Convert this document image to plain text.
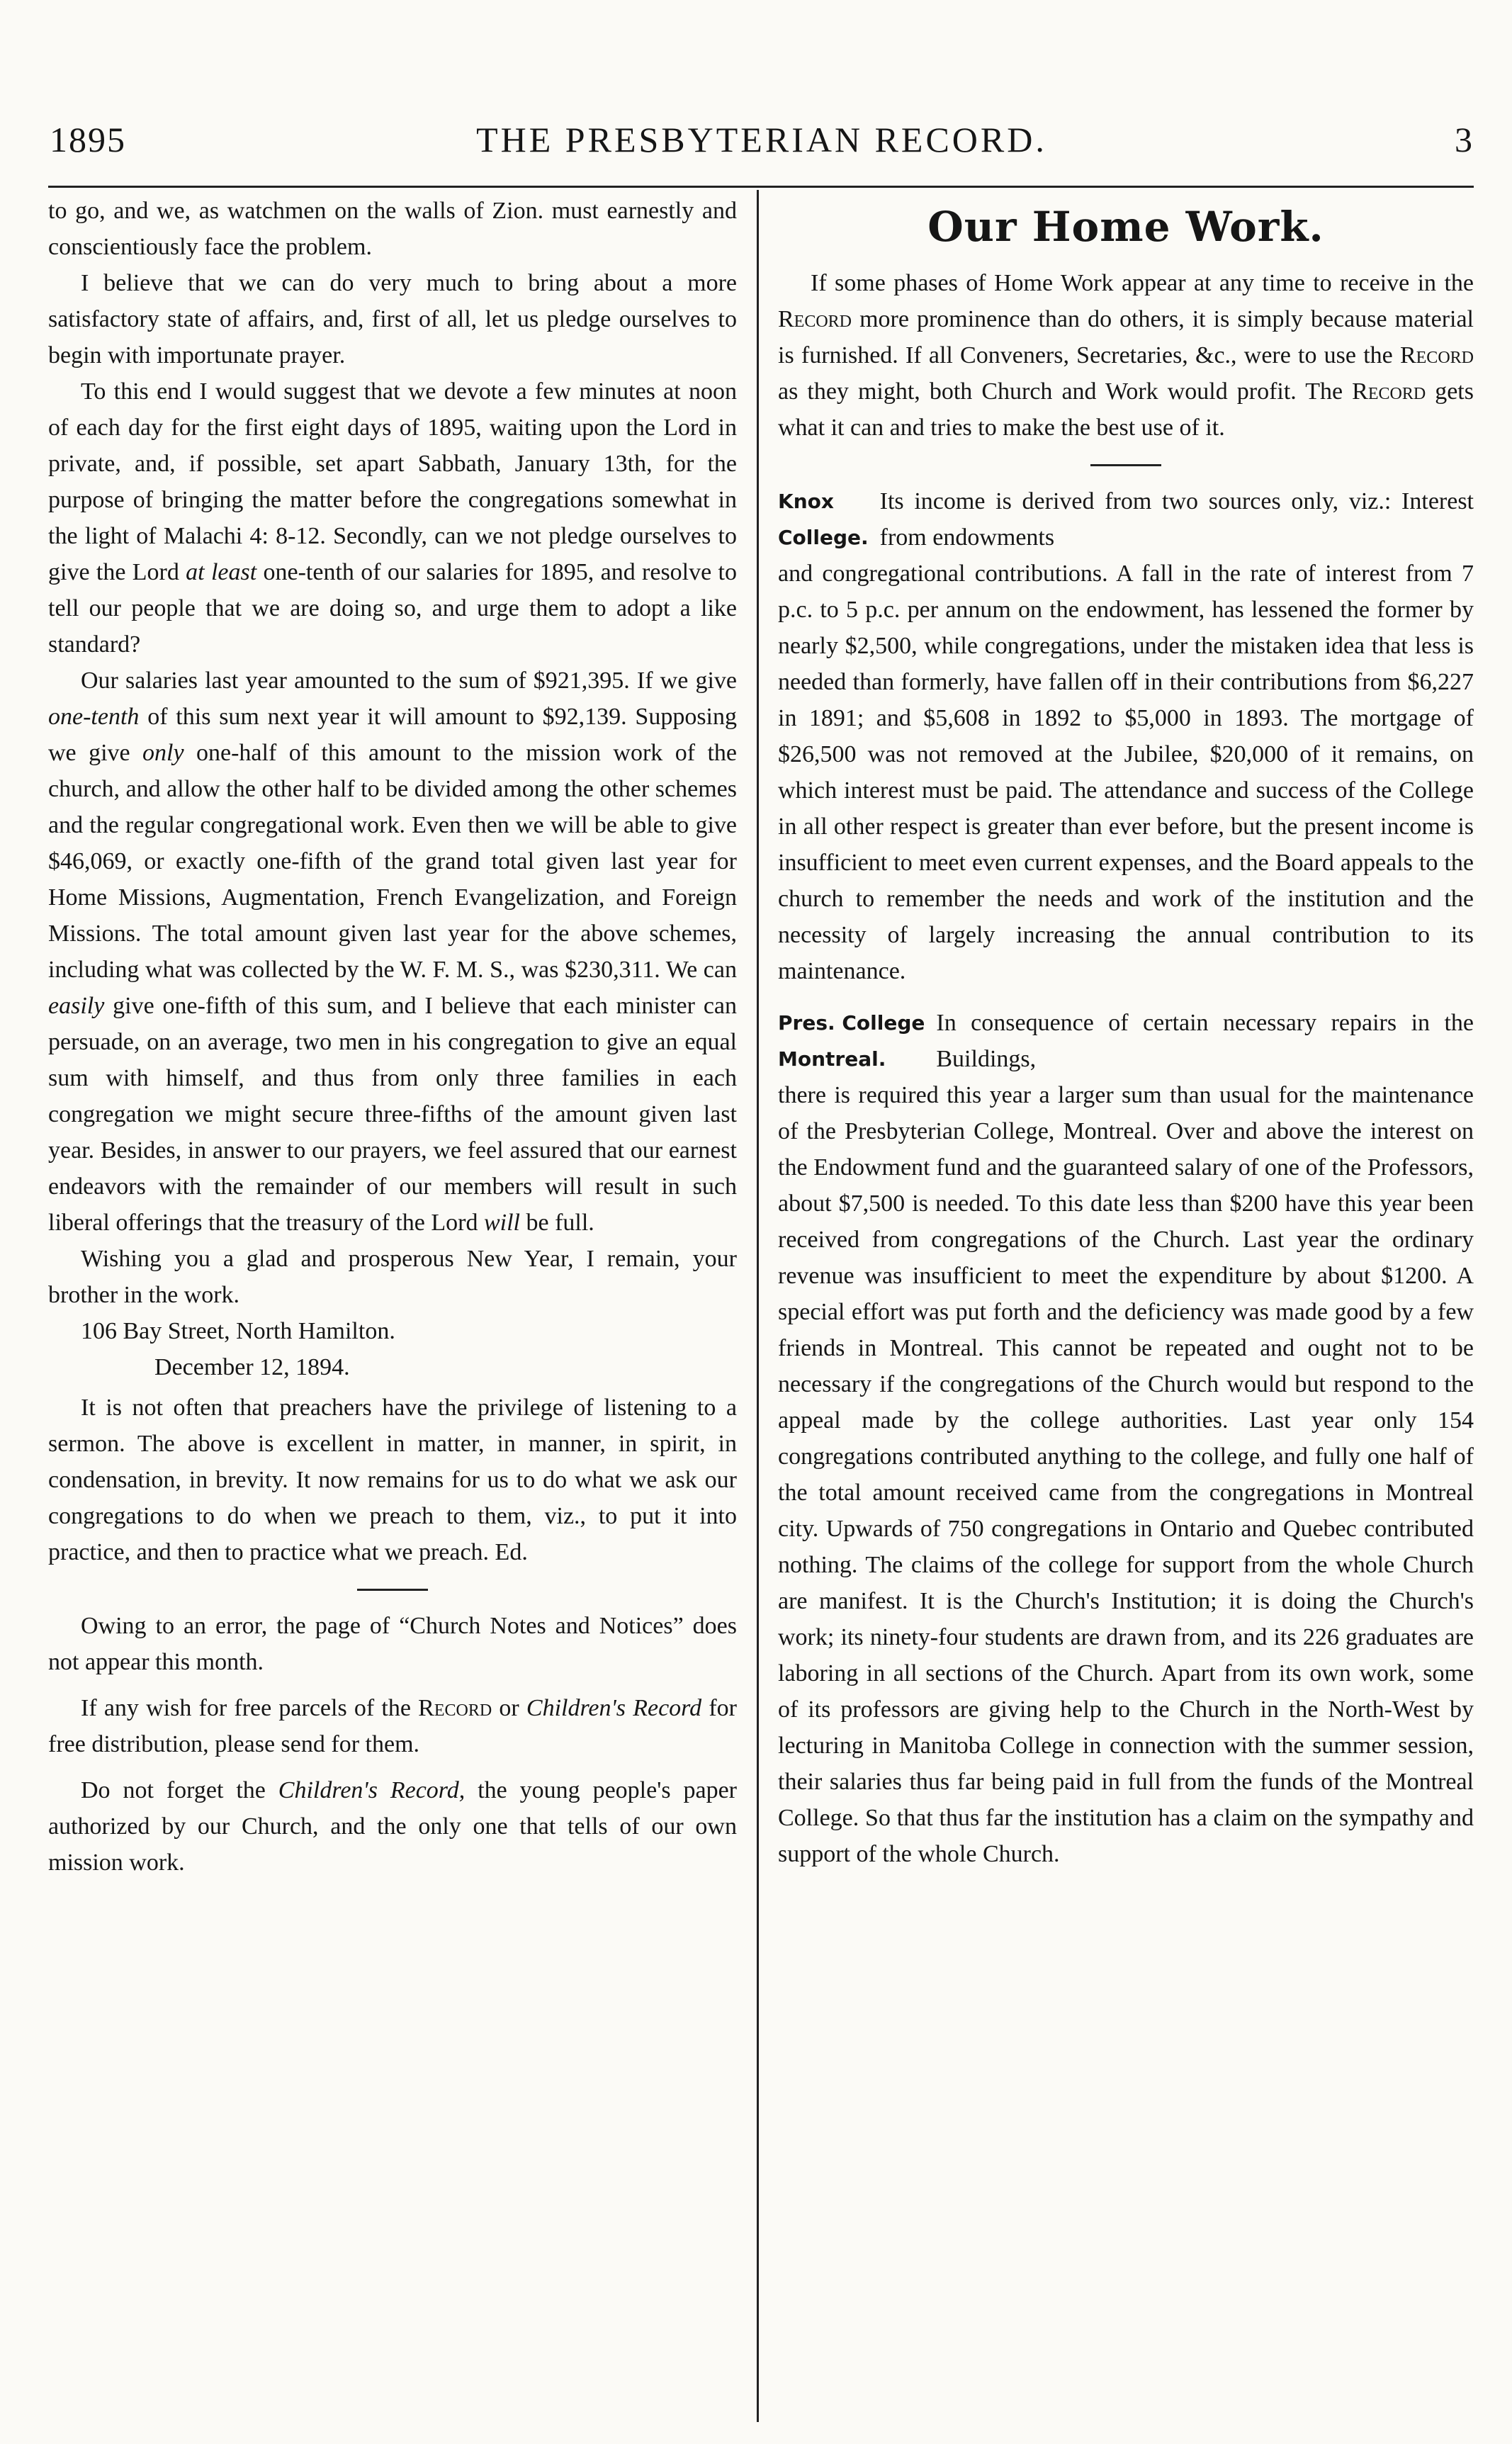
1895	THE PRESBYTERIAN RECORD.	3

to go, and we, as watchmen on the walls of Zion. must earnestly and conscientiously face the problem.

I believe that we can do very much to bring about a more satisfactory state of affairs, and, first of all, let us pledge ourselves to begin with importunate prayer.

To this end I would suggest that we devote a few minutes at noon of each day for the first eight days of 1895, waiting upon the Lord in private, and, if possible, set apart Sabbath, January 13th, for the purpose of bringing the matter before the congregations somewhat in the light of Malachi 4: 8-12. Secondly, can we not pledge ourselves to give the Lord at least one-tenth of our salaries for 1895, and resolve to tell our people that we are doing so, and urge them to adopt a like standard?

Our salaries last year amounted to the sum of $921,395. If we give one-tenth of this sum next year it will amount to $92,139. Supposing we give only one-half of this amount to the mission work of the church, and allow the other half to be divided among the other schemes and the regular congregational work. Even then we will be able to give $46,069, or exactly one-fifth of the grand total given last year for Home Missions, Augmentation, French Evangelization, and Foreign Missions. The total amount given last year for the above schemes, including what was collected by the W. F. M. S., was $230,311. We can easily give one-fifth of this sum, and I believe that each minister can persuade, on an average, two men in his congregation to give an equal sum with himself, and thus from only three families in each congregation we might secure three-fifths of the amount given last year. Besides, in answer to our prayers, we feel assured that our earnest endeavors with the remainder of our members will result in such liberal offerings that the treasury of the Lord will be full.

Wishing you a glad and prosperous New Year, I remain, your brother in the work.

106 Bay Street, North Hamilton.

December 12, 1894.

It is not often that preachers have the privilege of listening to a sermon. The above is excellent in matter, in manner, in spirit, in condensation, in brevity. It now remains for us to do what we ask our congregations to do when we preach to them, viz., to put it into practice, and then to practice what we preach. Ed.

Owing to an error, the page of “Church Notes and Notices” does not appear this month.

If any wish for free parcels of the Record or Children's Record for free distribution, please send for them.

Do not forget the Children's Record, the young people's paper authorized by our Church, and the only one that tells of our own mission work.

Our Home Work.

If some phases of Home Work appear at any time to receive in the Record more prominence than do others, it is simply because material is furnished. If all Conveners, Secretaries, &c., were to use the Record as they might, both Church and Work would profit. The Record gets what it can and tries to make the best use of it.

Knox
College.
Its income is derived from two sources only, viz.: Interest from endowments

and congregational contributions. A fall in the rate of interest from 7 p.c. to 5 p.c. per annum on the endowment, has lessened the former by nearly $2,500, while congregations, under the mistaken idea that less is needed than formerly, have fallen off in their contributions from $6,227 in 1891; and $5,608 in 1892 to $5,000 in 1893. The mortgage of $26,500 was not removed at the Jubilee, $20,000 of it remains, on which interest must be paid. The attendance and success of the College in all other respect is greater than ever before, but the present income is insufficient to meet even current expenses, and the Board appeals to the church to remember the needs and work of the institution and the necessity of largely increasing the annual contribution to its maintenance.

Pres. College
Montreal.
In consequence of certain necessary repairs in the Buildings,

there is required this year a larger sum than usual for the maintenance of the Presbyterian College, Montreal. Over and above the interest on the Endowment fund and the guaranteed salary of one of the Professors, about $7,500 is needed. To this date less than $200 have this year been received from congregations of the Church. Last year the ordinary revenue was insufficient to meet the expenditure by about $1200. A special effort was put forth and the deficiency was made good by a few friends in Montreal. This cannot be repeated and ought not to be necessary if the congregations of the Church would but respond to the appeal made by the college authorities. Last year only 154 congregations contributed anything to the college, and fully one half of the total amount received came from the congregations in Montreal city. Upwards of 750 congregations in Ontario and Quebec contributed nothing. The claims of the college for support from the whole Church are manifest. It is the Church's Institution; it is doing the Church's work; its ninety-four students are drawn from, and its 226 graduates are laboring in all sections of the Church. Apart from its own work, some of its professors are giving help to the Church in the North-West by lecturing in Manitoba College in connection with the summer session, their salaries thus far being paid in full from the funds of the Montreal College. So that thus far the institution has a claim on the sympathy and support of the whole Church.
